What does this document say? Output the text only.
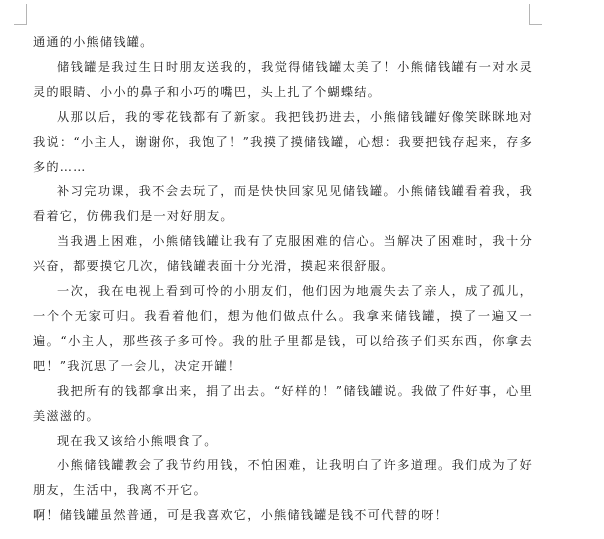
通通的小熊储钱罐。

储钱罐是我过生日时朋友送我的，我觉得储钱罐太美了！小熊储钱罐有一对水灵灵的眼睛、小小的鼻子和小巧的嘴巴，头上扎了个蝴蝶结。

从那以后，我的零花钱都有了新家。我把钱扔进去，小熊储钱罐好像笑眯眯地对我说：“小主人，谢谢你，我饱了！”我摸了摸储钱罐，心想：我要把钱存起来，存多多的……

补习完功课，我不会去玩了，而是快快回家见见储钱罐。小熊储钱罐看着我，我看着它，仿佛我们是一对好朋友。

当我遇上困难，小熊储钱罐让我有了克服困难的信心。当解决了困难时，我十分兴奋，都要摸它几次，储钱罐表面十分光滑，摸起来很舒服。

一次，我在电视上看到可怜的小朋友们，他们因为地震失去了亲人，成了孤儿，一个个无家可归。我看着他们，想为他们做点什么。我拿来储钱罐，摸了一遍又一遍。“小主人，那些孩子多可怜。我的肚子里都是钱，可以给孩子们买东西，你拿去吧！”我沉思了一会儿，决定开罐！

我把所有的钱都拿出来，捐了出去。“好样的！”储钱罐说。我做了件好事，心里美滋滋的。

现在我又该给小熊喂食了。

小熊储钱罐教会了我节约用钱，不怕困难，让我明白了许多道理。我们成为了好朋友，生活中，我离不开它。

啊！储钱罐虽然普通，可是我喜欢它，小熊储钱罐是钱不可代替的呀！
